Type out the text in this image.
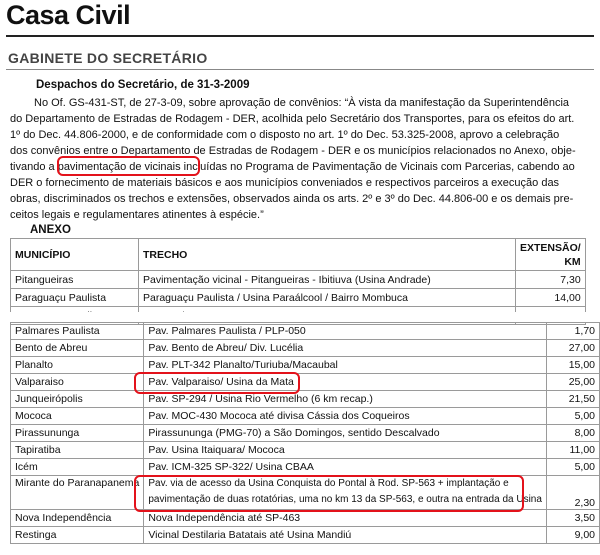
Casa Civil
GABINETE DO SECRETÁRIO
Despachos do Secretário, de 31-3-2009
No Of. GS-431-ST, de 27-3-09, sobre aprovação de convênios: “À vista da manifestação da Superintendência
do Departamento de Estradas de Rodagem - DER, acolhida pelo Secretário dos Transportes, para os efeitos do art.
1º do Dec. 44.806-2000, e de conformidade com o disposto no art. 1º do Dec. 53.325-2008, aprovo a celebração
dos convênios entre o Departamento de Estradas de Rodagem - DER e os municípios relacionados no Anexo, obje-
tivando a pavimentação de vicinais incluídas no Programa de Pavimentação de Vicinais com Parcerias, cabendo ao
DER o fornecimento de materiais básicos e aos municípios conveniados e respectivos parceiros a execução das
obras, discriminados os trechos e extensões, observados ainda os arts. 2º e 3º do Dec. 44.806-00 e os demais pre-
ceitos legais e regulamentares atinentes à espécie.”
ANEXO
MUNICÍPIO	TRECHO	EXTENSÃO/ KM
Pitangueiras	Pavimentação vicinal - Pitangueiras - Ibitiuva (Usina Andrade)	7,30
Paraguaçu Paulista	Paraguaçu Paulista / Usina Paraálcool / Bairro Mombuca	14,00

Palmares Paulista	Pav. Palmares Paulista / PLP-050	1,70
Bento de Abreu	Pav. Bento de Abreu/ Div. Lucélia	27,00
Planalto	Pav. PLT-342 Planalto/Turiuba/Macaubal	15,00
Valparaiso	Pav. Valparaiso/ Usina da Mata	25,00
Junqueirópolis	Pav. SP-294 / Usina Rio Vermelho (6 km recap.)	21,50
Mococa	Pav. MOC-430 Mococa até divisa Cássia dos Coqueiros	5,00
Pirassununga	Pirassununga (PMG-70) a São Domingos, sentido Descalvado	8,00
Tapiratiba	Pav. Usina Itaiquara/ Mococa	11,00
Icém	Pav. ICM-325 SP-322/ Usina CBAA	5,00
Mirante do Paranapanema	Pav. via de acesso da Usina Conquista do Pontal à Rod. SP-563 + implantação e
pavimentação de duas rotatórias, uma no km 13 da SP-563, e outra na entrada da Usina	2,30
Nova Independência	Nova Independência até SP-463	3,50
Restinga	Vicinal Destilaria Batatais até Usina Mandiú	9,00
